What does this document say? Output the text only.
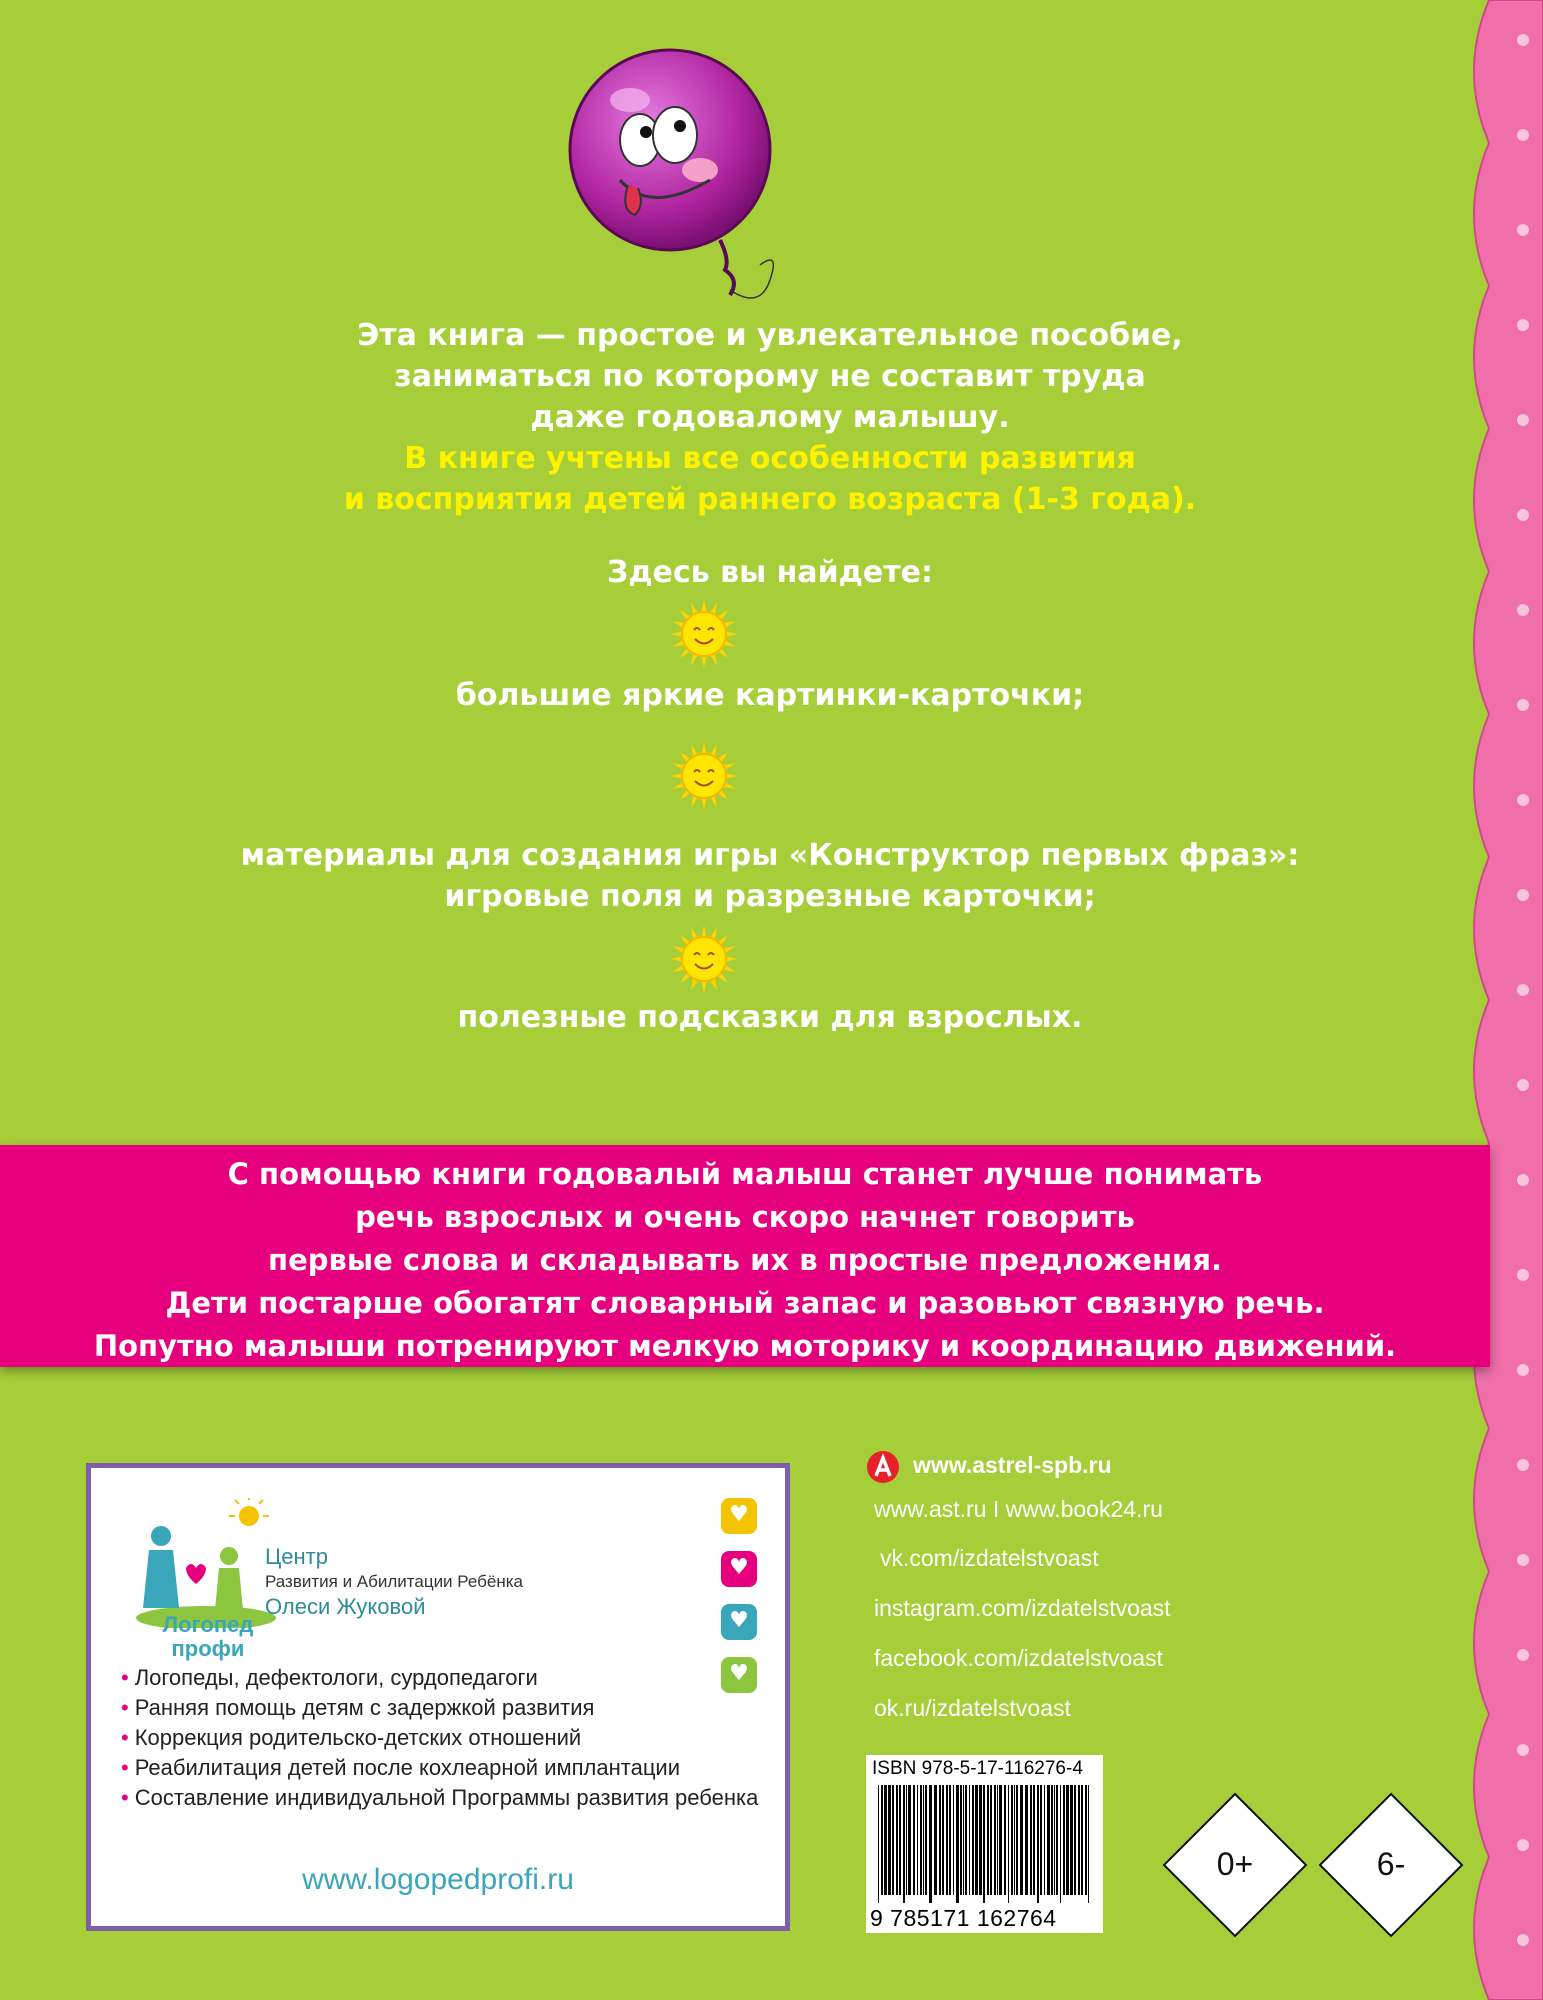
Эта книга — простое и увлекательное пособие,
заниматься по которому не составит труда
даже годовалому малышу.
В книге учтены все особенности развития
и восприятия детей раннего возраста (1-3 года).
Здесь вы найдете:
большие яркие картинки-карточки;
материалы для создания игры «Конструктор первых фраз»:
игровые поля и разрезные карточки;
полезные подсказки для взрослых.
С помощью книги годовалый малыш станет лучше понимать
речь взрослых и очень скоро начнет говорить
первые слова и складывать их в простые предложения.
Дети постарше обогатят словарный запас и разовьют связную речь.
Попутно малыши потренируют мелкую моторику и координацию движений.
Логопед
профи
Центр
Развития и Абилитации Ребёнка
Олеси Жуковой
♥
♥
♥
♥
• Логопеды, дефектологи, сурдопедагоги
• Ранняя помощь детям с задержкой развития
• Коррекция родительско-детских отношений
• Реабилитация детей после кохлеарной имплантации
• Составление индивидуальной Программы развития ребенка
www.logopedprofi.ru
www.astrel-spb.ru
www.ast.ru I www.book24.ru
vk.com/izdatelstvoast
instagram.com/izdatelstvoast
facebook.com/izdatelstvoast
ok.ru/izdatelstvoast
ISBN 978-5-17-116276-4
9 785171 162764
0+	6-
